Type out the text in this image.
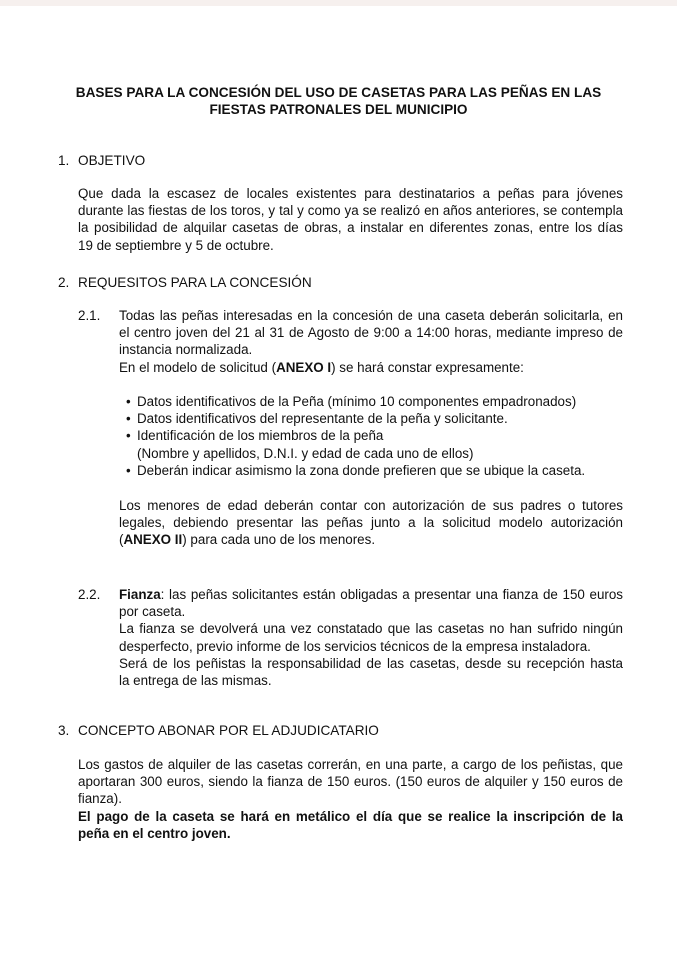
BASES PARA LA CONCESIÓN DEL USO DE CASETAS PARA LAS PEÑAS EN LAS
FIESTAS PATRONALES DEL MUNICIPIO
1. OBJETIVO
Que dada la escasez de locales existentes para destinatarios a peñas para jóvenes
durante las fiestas de los toros, y tal y como ya se realizó en años anteriores, se contempla
la posibilidad de alquilar casetas de obras, a instalar en diferentes zonas, entre los días
19 de septiembre y 5 de octubre.
2. REQUESITOS PARA LA CONCESIÓN
2.1. Todas las peñas interesadas en la concesión de una caseta deberán solicitarla, en
el centro joven del 21 al 31 de Agosto de 9:00 a 14:00 horas, mediante impreso de
instancia normalizada.
En el modelo de solicitud (ANEXO I) se hará constar expresamente:
• Datos identificativos de la Peña (mínimo 10 componentes empadronados)
• Datos identificativos del representante de la peña y solicitante.
• Identificación de los miembros de la peña
(Nombre y apellidos, D.N.I. y edad de cada uno de ellos)
• Deberán indicar asimismo la zona donde prefieren que se ubique la caseta.
Los menores de edad deberán contar con autorización de sus padres o tutores
legales, debiendo presentar las peñas junto a la solicitud modelo autorización
(ANEXO II) para cada uno de los menores.
2.2. Fianza: las peñas solicitantes están obligadas a presentar una fianza de 150 euros
por caseta.
La fianza se devolverá una vez constatado que las casetas no han sufrido ningún
desperfecto, previo informe de los servicios técnicos de la empresa instaladora.
Será de los peñistas la responsabilidad de las casetas, desde su recepción hasta
la entrega de las mismas.
3. CONCEPTO ABONAR POR EL ADJUDICATARIO
Los gastos de alquiler de las casetas correrán, en una parte, a cargo de los peñistas, que
aportaran 300 euros, siendo la fianza de 150 euros. (150 euros de alquiler y 150 euros de
fianza).
El pago de la caseta se hará en metálico el día que se realice la inscripción de la
peña en el centro joven.
